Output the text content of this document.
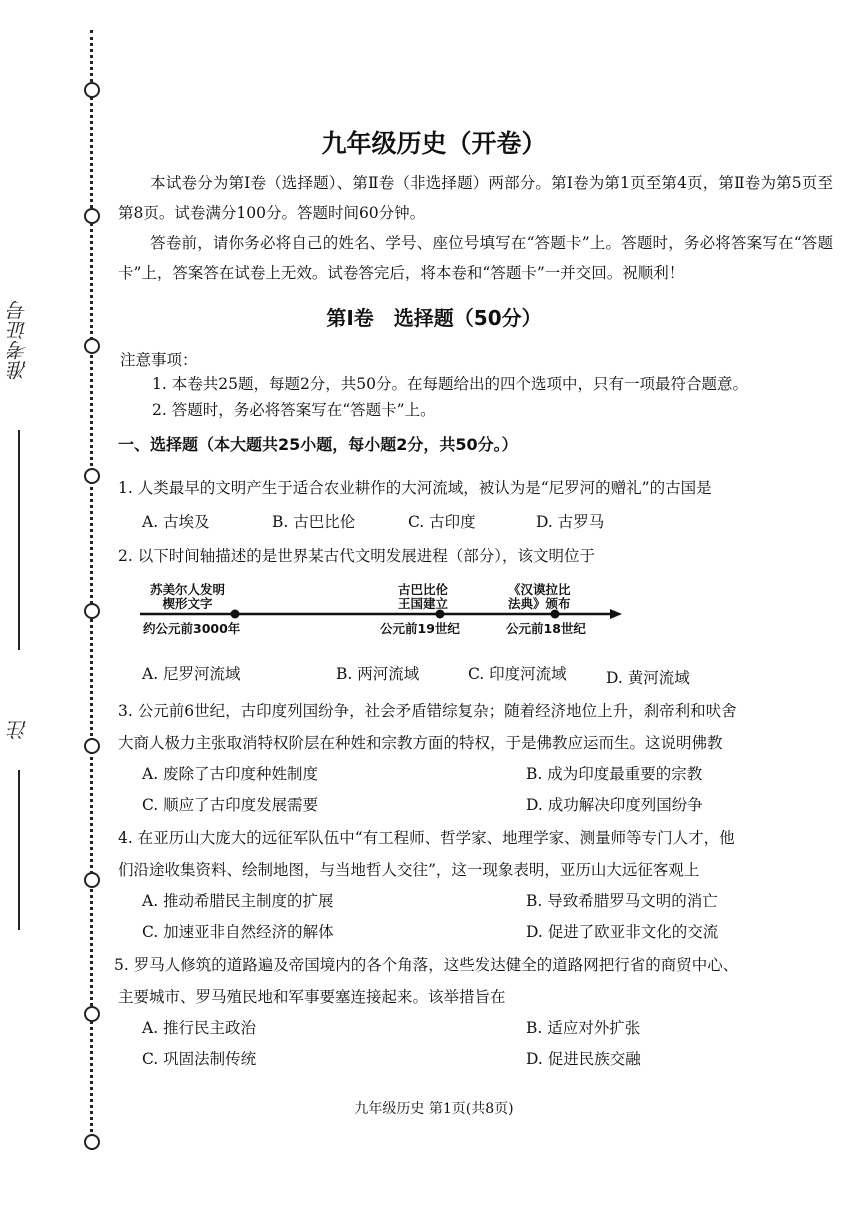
准考证号
注
九年级历史（开卷）
本试卷分为第Ⅰ卷（选择题）、第Ⅱ卷（非选择题）两部分。第Ⅰ卷为第1页至第4页，第Ⅱ卷为第5页至第8页。试卷满分100分。答题时间60分钟。
答卷前，请你务必将自己的姓名、学号、座位号填写在“答题卡”上。答题时，务必将答案写在“答题卡”上，答案答在试卷上无效。试卷答完后，将本卷和“答题卡”一并交回。祝顺利！
第Ⅰ卷　选择题（50分）
注意事项：
1. 本卷共25题，每题2分，共50分。在每题给出的四个选项中，只有一项最符合题意。
2. 答题时，务必将答案写在“答题卡”上。
一、选择题（本大题共25小题，每小题2分，共50分。）
1. 人类最早的文明产生于适合农业耕作的大河流域，被认为是“尼罗河的赠礼”的古国是
A. 古埃及	B. 古巴比伦	C. 古印度	D. 古罗马
2. 以下时间轴描述的是世界某古代文明发展进程（部分），该文明位于
苏美尔人发明
楔形文字
约公元前3000年
古巴比伦
王国建立
公元前19世纪
《汉谟拉比
法典》颁布
公元前18世纪
A. 尼罗河流域	B. 两河流域	C. 印度河流域	D. 黄河流域
3. 公元前6世纪，古印度列国纷争，社会矛盾错综复杂；随着经济地位上升，刹帝利和吠舍
大商人极力主张取消特权阶层在种姓和宗教方面的特权，于是佛教应运而生。这说明佛教
A. 废除了古印度种姓制度	B. 成为印度最重要的宗教
C. 顺应了古印度发展需要	D. 成功解决印度列国纷争
4. 在亚历山大庞大的远征军队伍中“有工程师、哲学家、地理学家、测量师等专门人才，他
们沿途收集资料、绘制地图，与当地哲人交往”，这一现象表明，亚历山大远征客观上
A. 推动希腊民主制度的扩展	B. 导致希腊罗马文明的消亡
C. 加速亚非自然经济的解体	D. 促进了欧亚非文化的交流
5. 罗马人修筑的道路遍及帝国境内的各个角落，这些发达健全的道路网把行省的商贸中心、
主要城市、罗马殖民地和军事要塞连接起来。该举措旨在
A. 推行民主政治	B. 适应对外扩张
C. 巩固法制传统	D. 促进民族交融
九年级历史 第1页(共8页)
